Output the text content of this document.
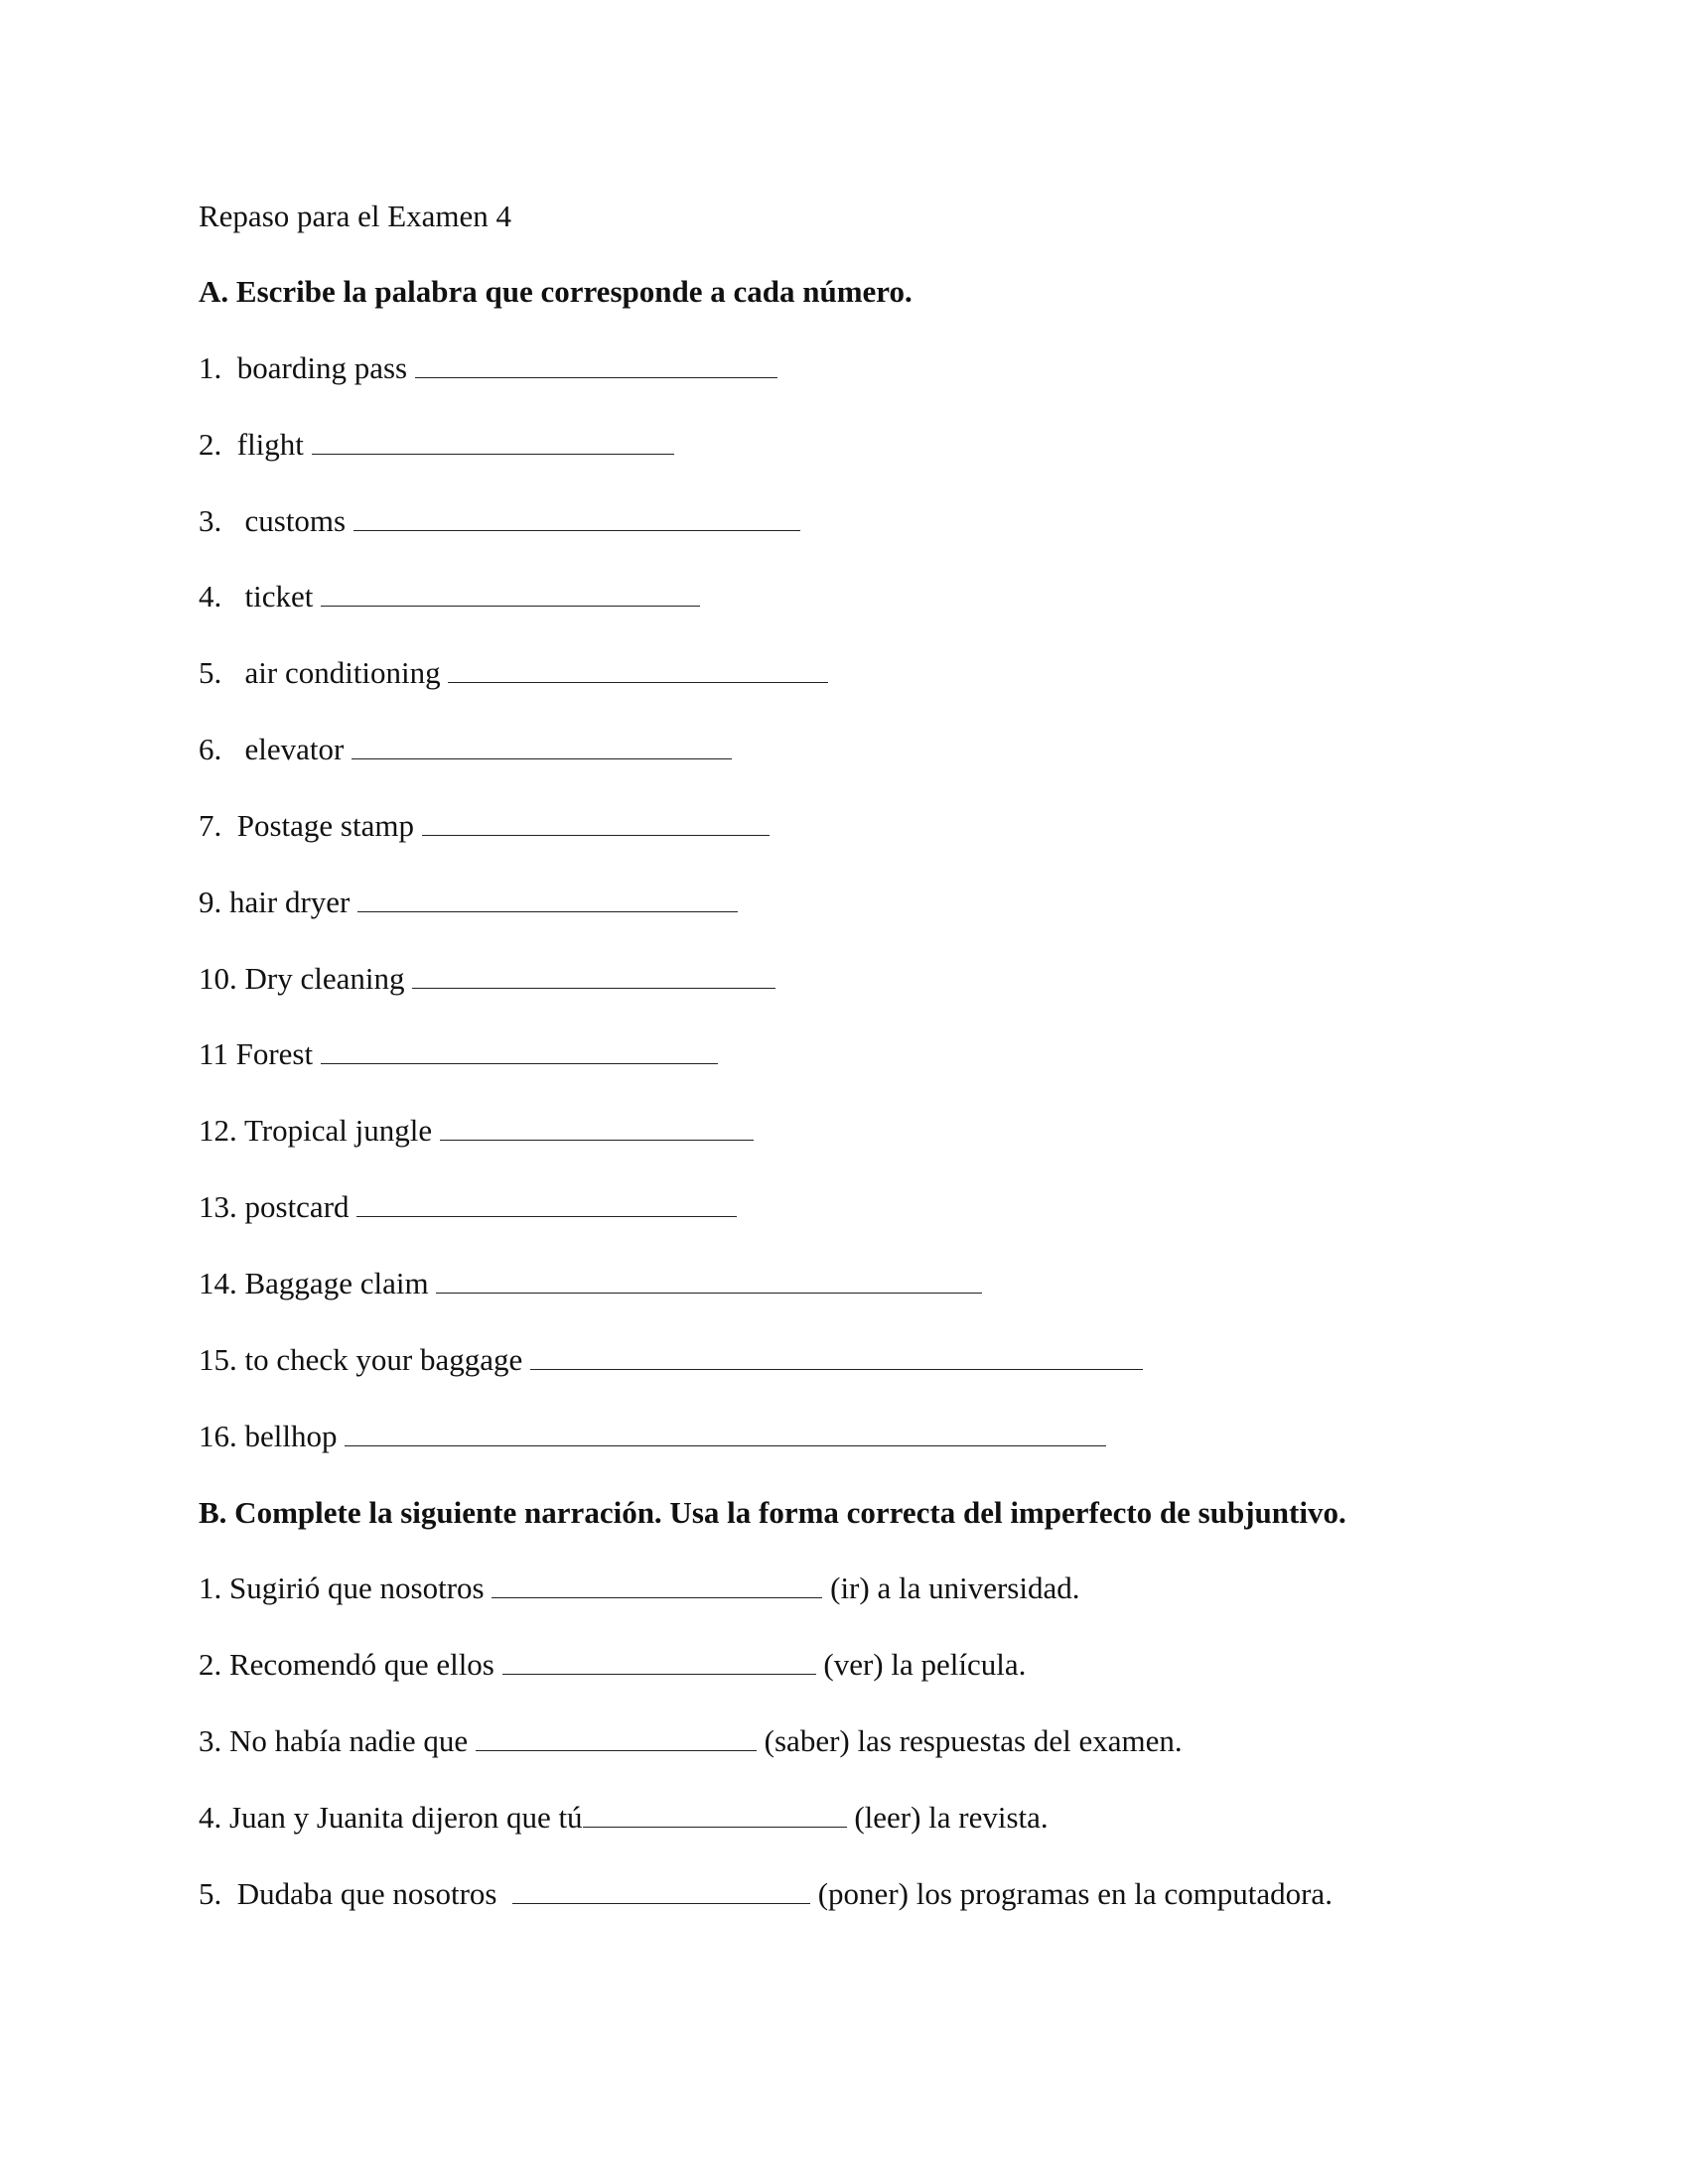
Repaso para el Examen 4

A. Escribe la palabra que corresponde a cada número.

1.  boarding pass

2.  flight

3.   customs

4.   ticket

5.   air conditioning

6.   elevator

7.  Postage stamp

9. hair dryer

10. Dry cleaning

11 Forest

12. Tropical jungle

13. postcard

14. Baggage claim

15. to check your baggage

16. bellhop

B. Complete la siguiente narración. Usa la forma correcta del imperfecto de subjuntivo.

1. Sugirió que nosotros	(ir) a la universidad.

2. Recomendó que ellos	(ver) la película.

3. No había nadie que	(saber) las respuestas del examen.

4. Juan y Juanita dijeron que tú	(leer) la revista.

5.  Dudaba que nosotros	(poner) los programas en la computadora.
